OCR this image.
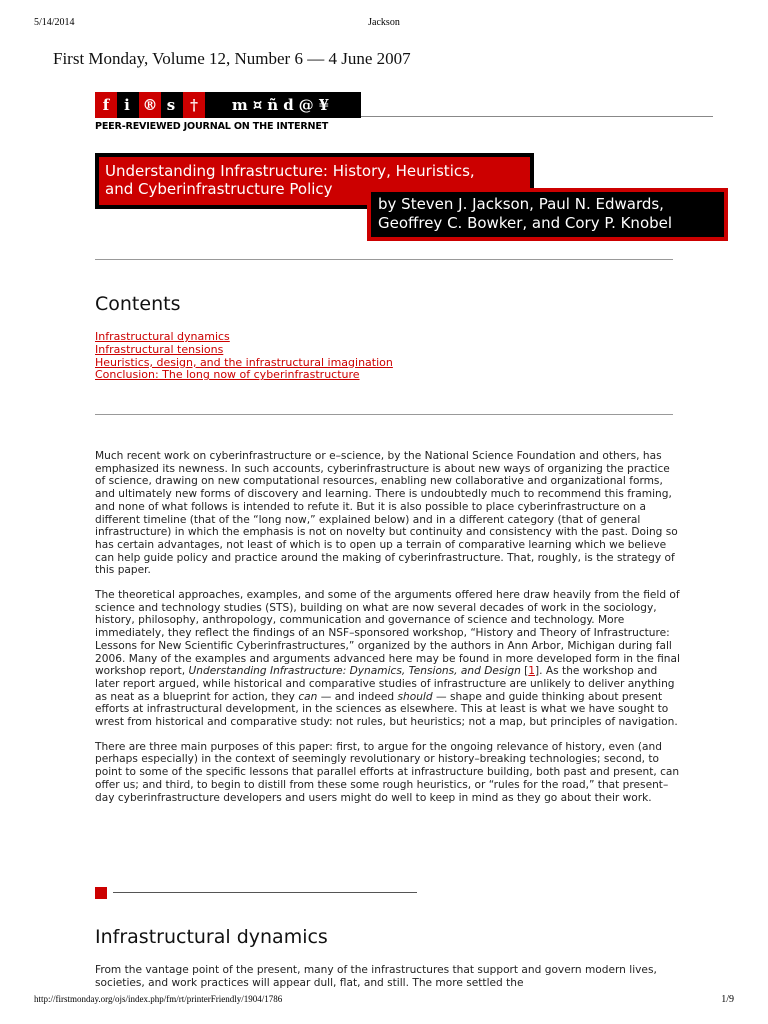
5/14/2014	Jackson
First Monday, Volume 12, Number 6 — 4 June 2007
f i ® s †	m¤ñd@¥
PEER-REVIEWED JOURNAL ON THE INTERNET
Understanding Infrastructure: History, Heuristics,
and Cyberinfrastructure Policy
by Steven J. Jackson, Paul N. Edwards,
Geoffrey C. Bowker, and Cory P. Knobel
Contents
Infrastructural dynamics
Infrastructural tensions
Heuristics, design, and the infrastructural imagination
Conclusion: The long now of cyberinfrastructure

Much recent work on cyberinfrastructure or e–science, by the National Science Foundation and others, has emphasized its newness. In such accounts, cyberinfrastructure is about new ways of organizing the practice of science, drawing on new computational resources, enabling new collaborative and organizational forms, and ultimately new forms of discovery and learning. There is undoubtedly much to recommend this framing, and none of what follows is intended to refute it. But it is also possible to place cyberinfrastructure on a different timeline (that of the “long now,” explained below) and in a different category (that of general infrastructure) in which the emphasis is not on novelty but continuity and consistency with the past. Doing so has certain advantages, not least of which is to open up a terrain of comparative learning which we believe can help guide policy and practice around the making of cyberinfrastructure. That, roughly, is the strategy of this paper.

The theoretical approaches, examples, and some of the arguments offered here draw heavily from the field of science and technology studies (STS), building on what are now several decades of work in the sociology, history, philosophy, anthropology, communication and governance of science and technology. More immediately, they reflect the findings of an NSF–sponsored workshop, “History and Theory of Infrastructure: Lessons for New Scientific Cyberinfrastructures,” organized by the authors in Ann Arbor, Michigan during fall 2006. Many of the examples and arguments advanced here may be found in more developed form in the final workshop report, Understanding Infrastructure: Dynamics, Tensions, and Design [1]. As the workshop and later report argued, while historical and comparative studies of infrastructure are unlikely to deliver anything as neat as a blueprint for action, they can — and indeed should — shape and guide thinking about present efforts at infrastructural development, in the sciences as elsewhere. This at least is what we have sought to wrest from historical and comparative study: not rules, but heuristics; not a map, but principles of navigation.

There are three main purposes of this paper: first, to argue for the ongoing relevance of history, even (and perhaps especially) in the context of seemingly revolutionary or history–breaking technologies; second, to point to some of the specific lessons that parallel efforts at infrastructure building, both past and present, can offer us; and third, to begin to distill from these some rough heuristics, or “rules for the road,” that present–day cyberinfrastructure developers and users might do well to keep in mind as they go about their work.

Infrastructural dynamics

From the vantage point of the present, many of the infrastructures that support and govern modern lives, societies, and work practices will appear dull, flat, and still. The more settled the

http://firstmonday.org/ojs/index.php/fm/rt/printerFriendly/1904/1786	1/9
